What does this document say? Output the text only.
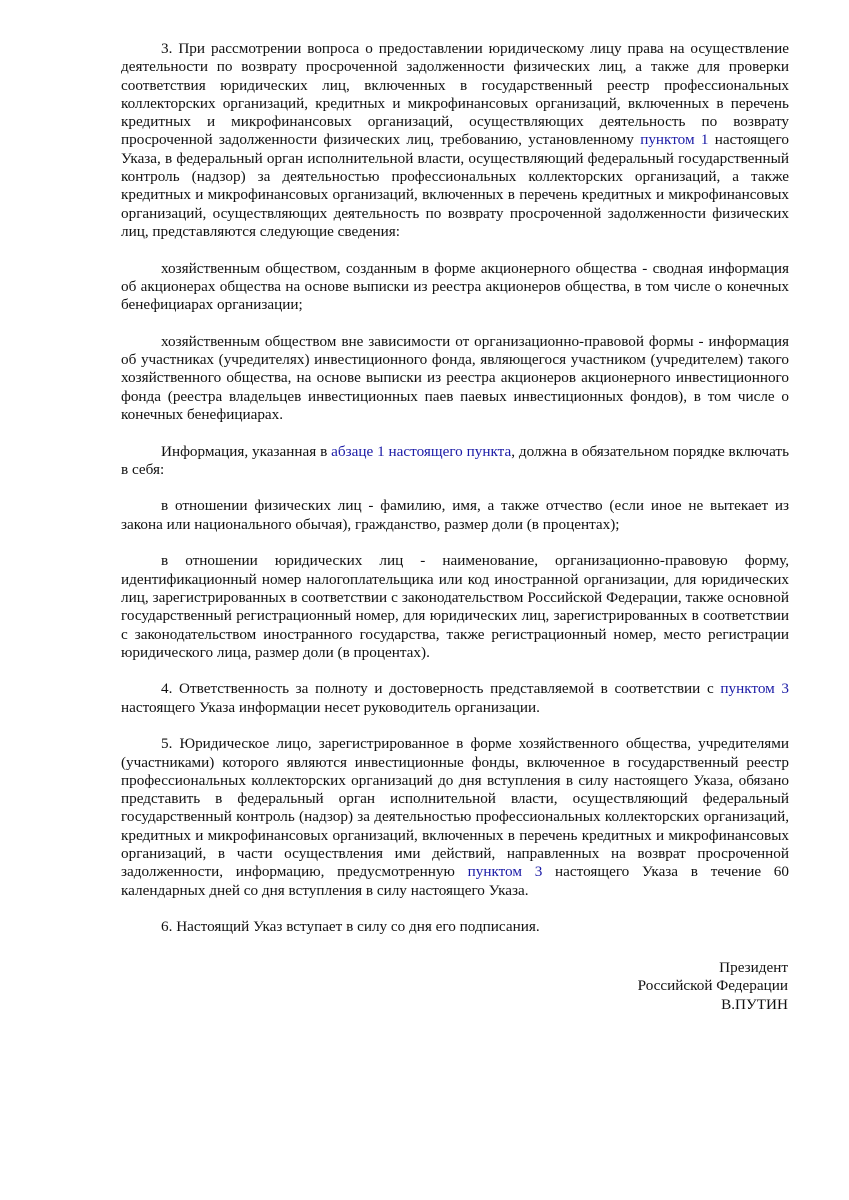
3. При рассмотрении вопроса о предоставлении юридическому лицу права на осуществление деятельности по возврату просроченной задолженности физических лиц, а также для проверки соответствия юридических лиц, включенных в государственный реестр профессиональных коллекторских организаций, кредитных и микрофинансовых организаций, включенных в перечень кредитных и микрофинансовых организаций, осуществляющих деятельность по возврату просроченной задолженности физических лиц, требованию, установленному пунктом 1 настоящего Указа, в федеральный орган исполнительной власти, осуществляющий федеральный государственный контроль (надзор) за деятельностью профессиональных коллекторских организаций, а также кредитных и микрофинансовых организаций, включенных в перечень кредитных и микрофинансовых организаций, осуществляющих деятельность по возврату просроченной задолженности физических лиц, представляются следующие сведения:

хозяйственным обществом, созданным в форме акционерного общества - сводная информация об акционерах общества на основе выписки из реестра акционеров общества, в том числе о конечных бенефициарах организации;

хозяйственным обществом вне зависимости от организационно-правовой формы - информация об участниках (учредителях) инвестиционного фонда, являющегося участником (учредителем) такого хозяйственного общества, на основе выписки из реестра акционеров акционерного инвестиционного фонда (реестра владельцев инвестиционных паев паевых инвестиционных фондов), в том числе о конечных бенефициарах.

Информация, указанная в абзаце 1 настоящего пункта, должна в обязательном порядке включать в себя:

в отношении физических лиц - фамилию, имя, а также отчество (если иное не вытекает из закона или национального обычая), гражданство, размер доли (в процентах);

в отношении юридических лиц - наименование, организационно-правовую форму, идентификационный номер налогоплательщика или код иностранной организации, для юридических лиц, зарегистрированных в соответствии с законодательством Российской Федерации, также основной государственный регистрационный номер, для юридических лиц, зарегистрированных в соответствии с законодательством иностранного государства, также регистрационный номер, место регистрации юридического лица, размер доли (в процентах).

4. Ответственность за полноту и достоверность представляемой в соответствии с пунктом 3 настоящего Указа информации несет руководитель организации.

5. Юридическое лицо, зарегистрированное в форме хозяйственного общества, учредителями (участниками) которого являются инвестиционные фонды, включенное в государственный реестр профессиональных коллекторских организаций до дня вступления в силу настоящего Указа, обязано представить в федеральный орган исполнительной власти, осуществляющий федеральный государственный контроль (надзор) за деятельностью профессиональных коллекторских организаций, кредитных и микрофинансовых организаций, включенных в перечень кредитных и микрофинансовых организаций, в части осуществления ими действий, направленных на возврат просроченной задолженности, информацию, предусмотренную пунктом 3 настоящего Указа в течение 60 календарных дней со дня вступления в силу настоящего Указа.

6. Настоящий Указ вступает в силу со дня его подписания.

Президент
Российской Федерации
В.ПУТИН
